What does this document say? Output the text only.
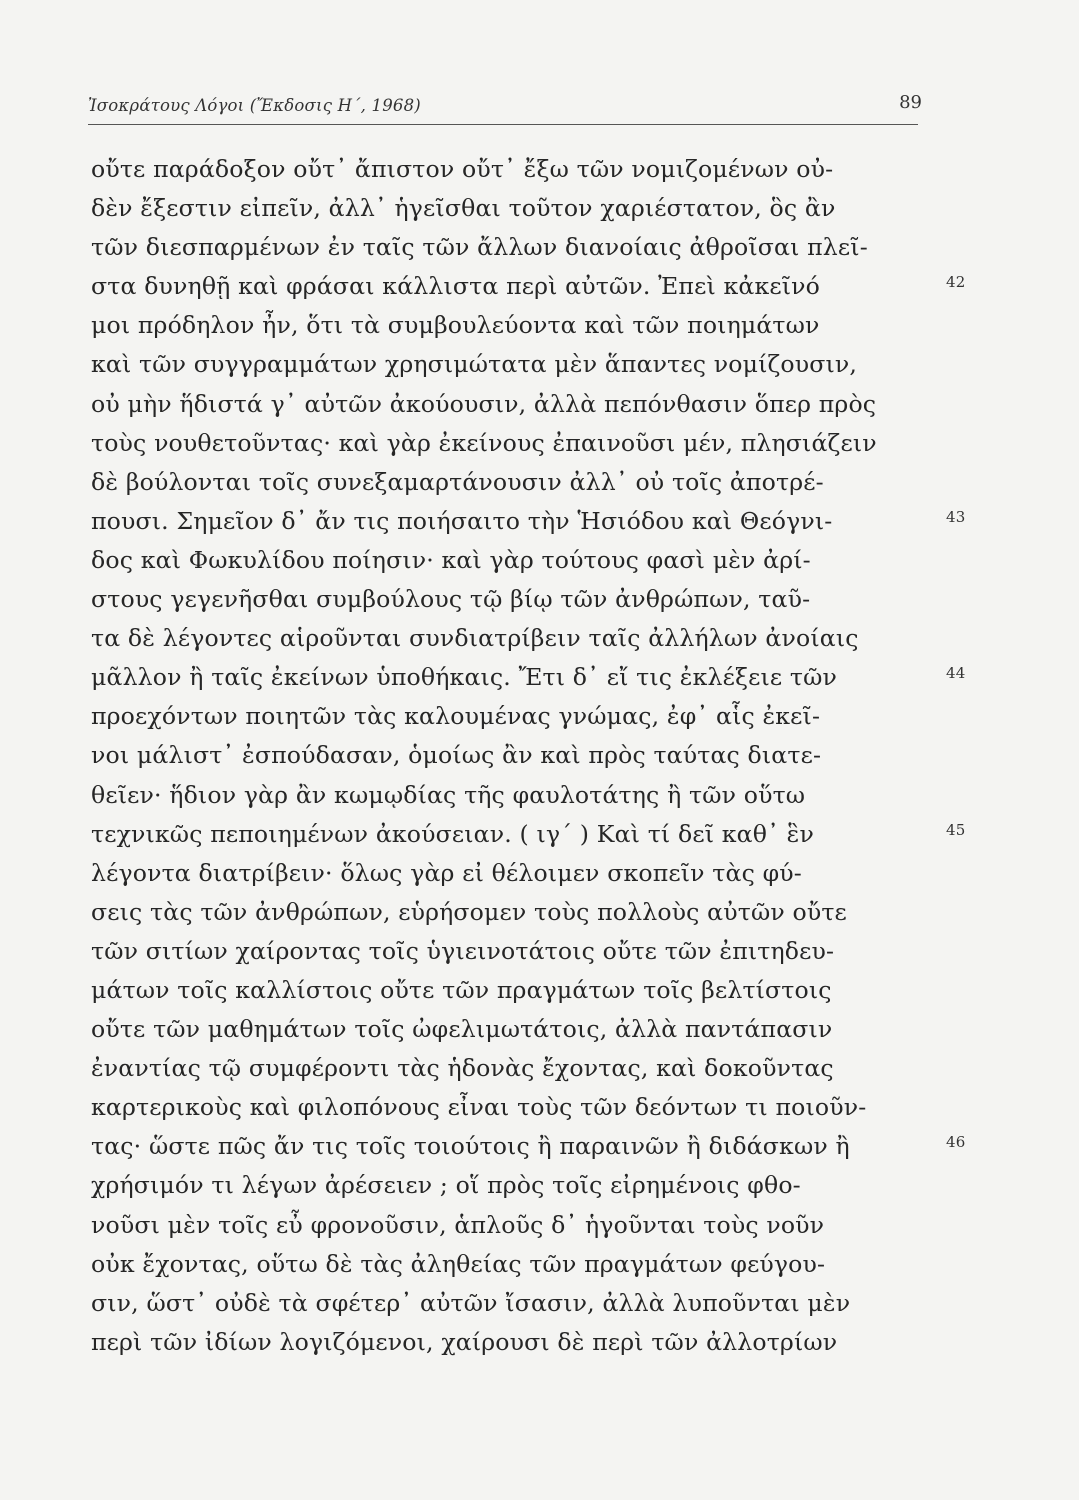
Ἰσοκράτους Λόγοι (Ἔκδοσις Η΄, 1968)	89
οὔτε παράδοξον οὔτ᾿ ἄπιστον οὔτ᾿ ἔξω τῶν νομιζομένων οὐ-
δὲν ἔξεστιν εἰπεῖν, ἀλλ᾿ ἡγεῖσθαι τοῦτον χαριέστατον, ὃς ἂν
τῶν διεσπαρμένων ἐν ταῖς τῶν ἄλλων διανοίαις ἀθροῖσαι πλεῖ-
στα δυνηθῇ καὶ φράσαι κάλλιστα περὶ αὐτῶν. Ἐπεὶ κἀκεῖνό	42
μοι πρόδηλον ἦν, ὅτι τὰ συμβουλεύοντα καὶ τῶν ποιημάτων
καὶ τῶν συγγραμμάτων χρησιμώτατα μὲν ἅπαντες νομίζουσιν,
οὐ μὴν ἥδιστά γ᾿ αὐτῶν ἀκούουσιν, ἀλλὰ πεπόνθασιν ὅπερ πρὸς
τοὺς νουθετοῦντας· καὶ γὰρ ἐκείνους ἐπαινοῦσι μέν, πλησιάζειν
δὲ βούλονται τοῖς συνεξαμαρτάνουσιν ἀλλ᾿ οὐ τοῖς ἀποτρέ-
πουσι. Σημεῖον δ᾿ ἄν τις ποιήσαιτο τὴν Ἡσιόδου καὶ Θεόγνι-	43
δος καὶ Φωκυλίδου ποίησιν· καὶ γὰρ τούτους φασὶ μὲν ἀρί-
στους γεγενῆσθαι συμβούλους τῷ βίῳ τῶν ἀνθρώπων, ταῦ-
τα δὲ λέγοντες αἱροῦνται συνδιατρίβειν ταῖς ἀλλήλων ἀνοίαις
μᾶλλον ἢ ταῖς ἐκείνων ὑποθήκαις. Ἔτι δ᾿ εἴ τις ἐκλέξειε τῶν	44
προεχόντων ποιητῶν τὰς καλουμένας γνώμας, ἐφ᾿ αἷς ἐκεῖ-
νοι μάλιστ᾿ ἐσπούδασαν, ὁμοίως ἂν καὶ πρὸς ταύτας διατε-
θεῖεν· ἥδιον γὰρ ἂν κωμῳδίας τῆς φαυλοτάτης ἢ τῶν οὕτω
τεχνικῶς πεποιημένων ἀκούσειαν. ( ιγ΄ ) Καὶ τί δεῖ καθ᾿ ἓν	45
λέγοντα διατρίβειν· ὅλως γὰρ εἰ θέλοιμεν σκοπεῖν τὰς φύ-
σεις τὰς τῶν ἀνθρώπων, εὑρήσομεν τοὺς πολλοὺς αὐτῶν οὔτε
τῶν σιτίων χαίροντας τοῖς ὑγιεινοτάτοις οὔτε τῶν ἐπιτηδευ-
μάτων τοῖς καλλίστοις οὔτε τῶν πραγμάτων τοῖς βελτίστοις
οὔτε τῶν μαθημάτων τοῖς ὠφελιμωτάτοις, ἀλλὰ παντάπασιν
ἐναντίας τῷ συμφέροντι τὰς ἡδονὰς ἔχοντας, καὶ δοκοῦντας
καρτερικοὺς καὶ φιλοπόνους εἶναι τοὺς τῶν δεόντων τι ποιοῦν-
τας· ὥστε πῶς ἄν τις τοῖς τοιούτοις ἢ παραινῶν ἢ διδάσκων ἢ	46
χρήσιμόν τι λέγων ἀρέσειεν ; οἵ πρὸς τοῖς εἰρημένοις φθο-
νοῦσι μὲν τοῖς εὖ φρονοῦσιν, ἁπλοῦς δ᾿ ἡγοῦνται τοὺς νοῦν
οὐκ ἔχοντας, οὕτω δὲ τὰς ἀληθείας τῶν πραγμάτων φεύγου-
σιν, ὥστ᾿ οὐδὲ τὰ σφέτερ᾿ αὐτῶν ἴσασιν, ἀλλὰ λυποῦνται μὲν
περὶ τῶν ἰδίων λογιζόμενοι, χαίρουσι δὲ περὶ τῶν ἀλλοτρίων
